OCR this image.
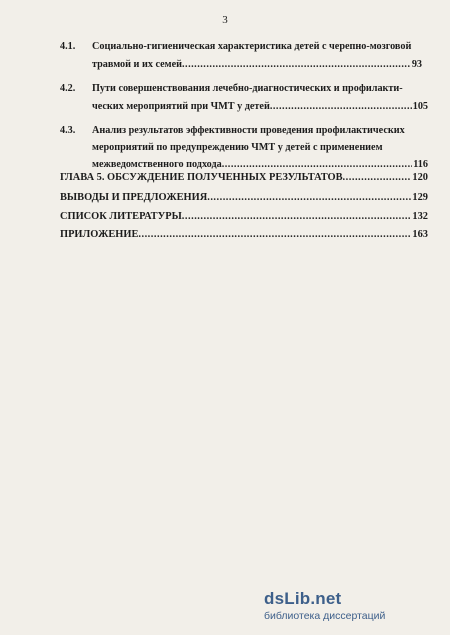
3
4.1. Социально-гигиеническая характеристика детей с черепно-мозговой
травмой и их семей .....	93
4.2. Пути совершенствования лечебно-диагностических и профилакти-
ческих мероприятий при ЧМТ у детей .....	105
4.3. Анализ результатов эффективности проведения профилактических
мероприятий по предупреждению ЧМТ у детей с применением
межведомственного подхода .....	116
ГЛАВА 5. ОБСУЖДЕНИЕ ПОЛУЧЕННЫХ РЕЗУЛЬТАТОВ .....	120
ВЫВОДЫ И ПРЕДЛОЖЕНИЯ .....	129
СПИСОК ЛИТЕРАТУРЫ .....	132
ПРИЛОЖЕНИЕ .....	163
dsLib.net
библиотека диссертаций
